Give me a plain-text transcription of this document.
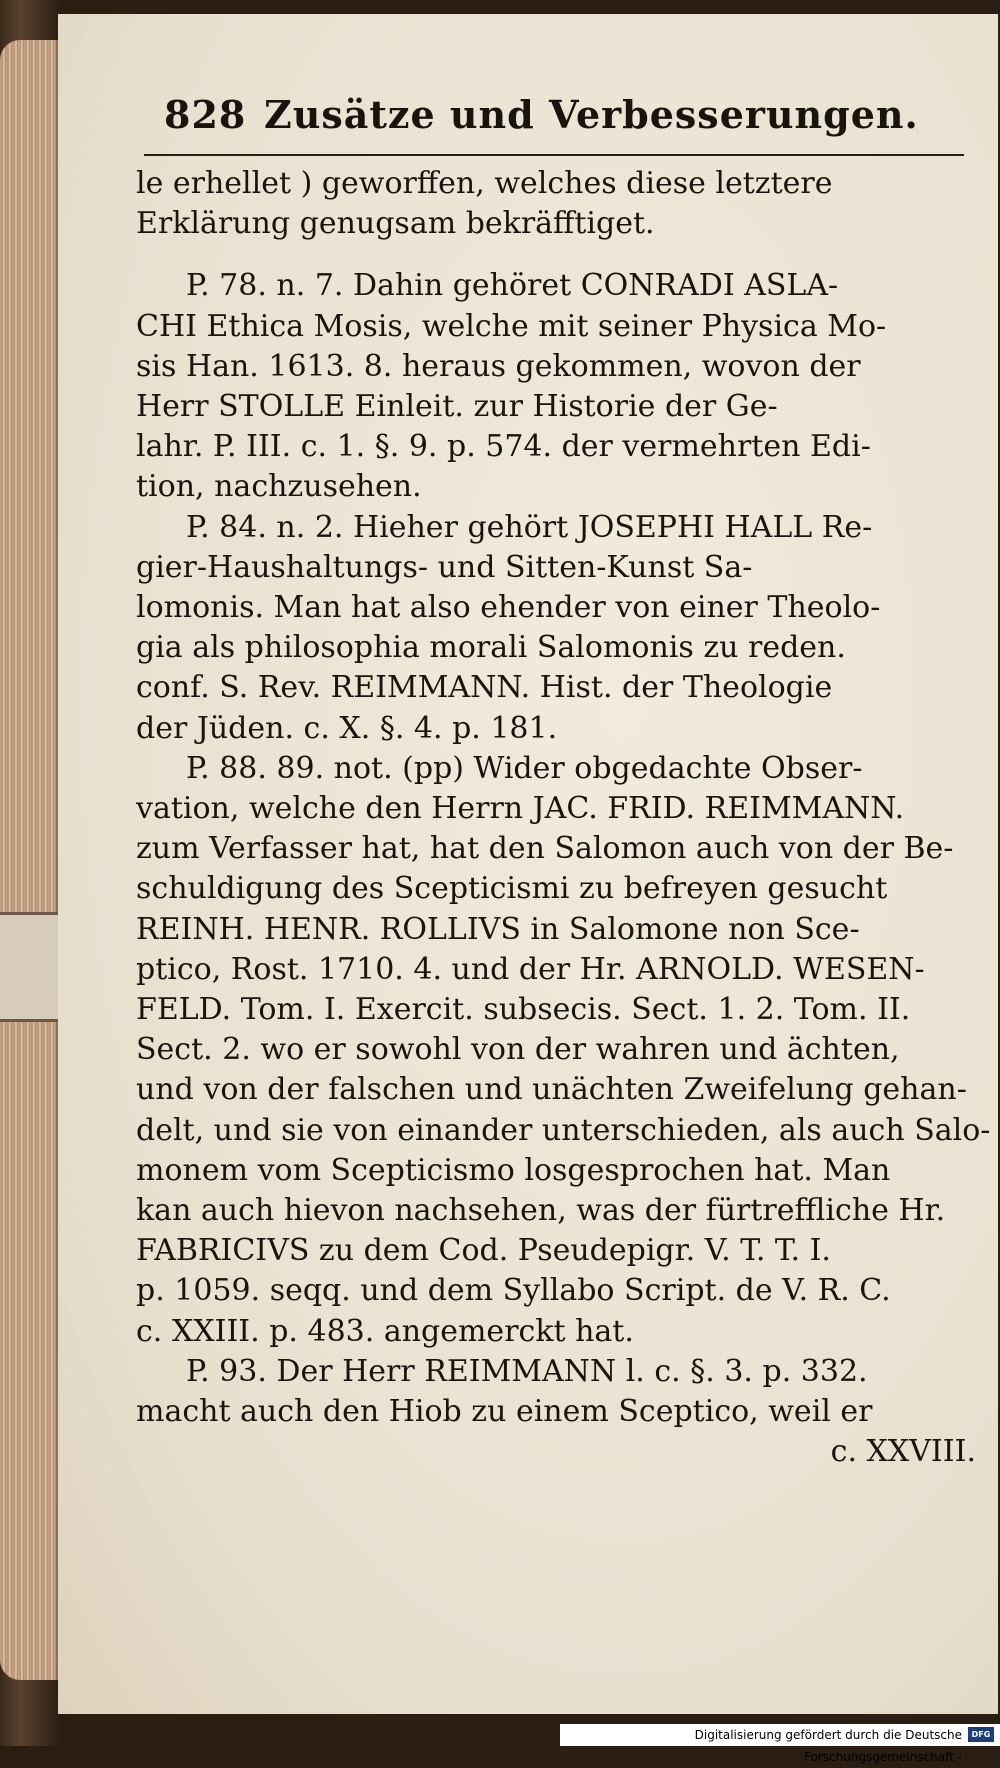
828 Zusätze und Verbesserungen.

le erhellet ) geworffen, welches diese letztere
Erklärung genugsam bekräfftiget.

P. 78. n. 7. Dahin gehöret CONRADI ASLA-
CHI Ethica Mosis, welche mit seiner Physica Mo-
sis Han. 1613. 8. heraus gekommen, wovon der
Herr STOLLE Einleit. zur Historie der Ge-
lahr. P. III. c. 1. §. 9. p. 574. der vermehrten Edi-
tion, nachzusehen.

P. 84. n. 2. Hieher gehört JOSEPHI HALL Re-
gier-Haushaltungs- und Sitten-Kunst Sa-
lomonis. Man hat also ehender von einer Theolo-
gia als philosophia morali Salomonis zu reden.
conf. S. Rev. REIMMANN. Hist. der Theologie
der Jüden. c. X. §. 4. p. 181.

P. 88. 89. not. (pp) Wider obgedachte Obser-
vation, welche den Herrn JAC. FRID. REIMMANN.
zum Verfasser hat, hat den Salomon auch von der Be-
schuldigung des Scepticismi zu befreyen gesucht
REINH. HENR. ROLLIVS in Salomone non Sce-
ptico, Rost. 1710. 4. und der Hr. ARNOLD. WESEN-
FELD. Tom. I. Exercit. subsecis. Sect. 1. 2. Tom. II.
Sect. 2. wo er sowohl von der wahren und ächten,
und von der falschen und unächten Zweifelung gehan-
delt, und sie von einander unterschieden, als auch Salo-
monem vom Scepticismo losgesprochen hat. Man
kan auch hievon nachsehen, was der fürtreffliche Hr.
FABRICIVS zu dem Cod. Pseudepigr. V. T. T. I.
p. 1059. seqq. und dem Syllabo Script. de V. R. C.
c. XXIII. p. 483. angemerckt hat.

P. 93. Der Herr REIMMANN l. c. §. 3. p. 332.
macht auch den Hiob zu einem Sceptico, weil er

c. XXVIII.

Digitalisierung gefördert durch die Deutsche Forschungsgemeinschaft -
DFG
